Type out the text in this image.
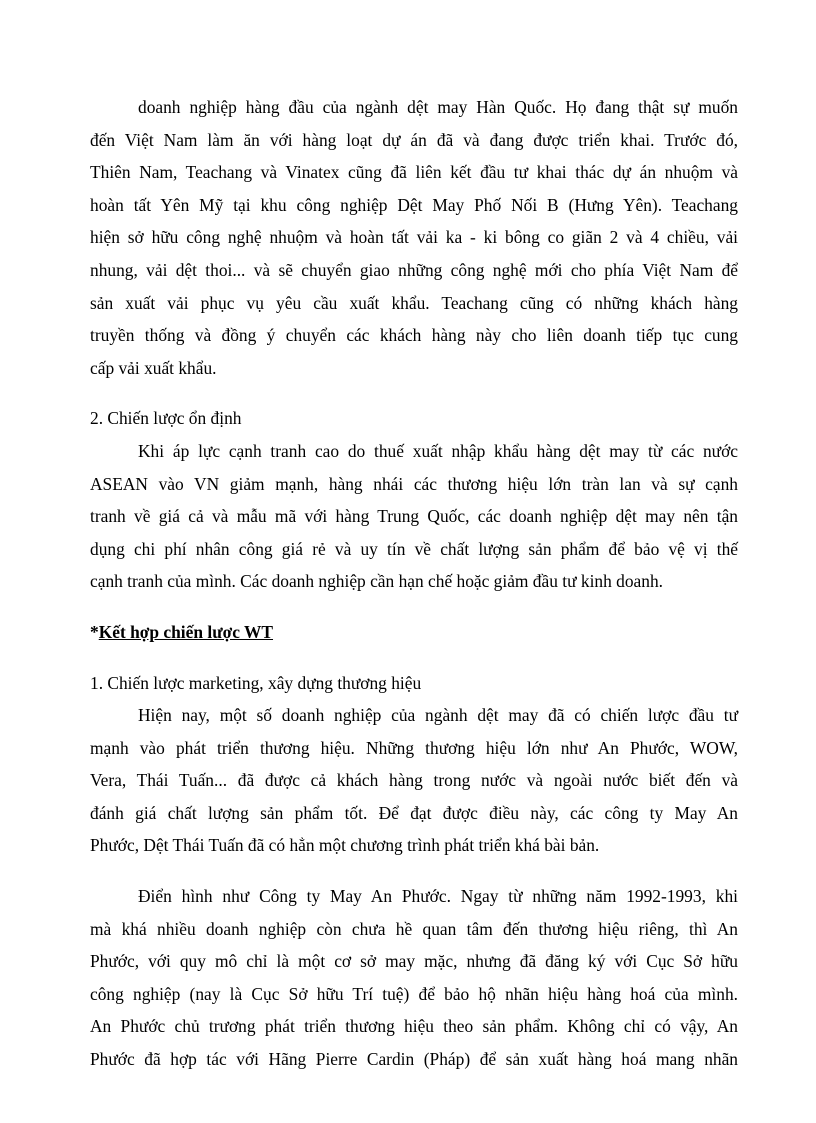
doanh nghiệp hàng đầu của ngành dệt may Hàn Quốc. Họ đang thật sự muốn

đến Việt Nam làm ăn với hàng loạt dự án đã và đang được triển khai. Trước đó,

Thiên Nam, Teachang và Vinatex cũng đã liên kết đầu tư khai thác dự án nhuộm và

hoàn tất Yên Mỹ tại khu công nghiệp Dệt May Phố Nối B (Hưng Yên). Teachang

hiện sở hữu công nghệ nhuộm và hoàn tất vải ka - ki bông co giãn 2 và 4 chiều, vải

nhung, vải dệt thoi... và sẽ chuyển giao những công nghệ mới cho phía Việt Nam để

sản xuất vải phục vụ yêu cầu xuất khẩu. Teachang cũng có những khách hàng

truyền thống và đồng ý chuyển các khách hàng này cho liên doanh tiếp tục cung

cấp vải xuất khẩu.

2. Chiến lược ổn định

Khi áp lực cạnh tranh cao do thuế xuất nhập khẩu hàng dệt may từ các nước

ASEAN vào VN giảm mạnh, hàng nhái các thương hiệu lớn tràn lan và sự cạnh

tranh về giá cả và mẫu mã với hàng Trung Quốc, các doanh nghiệp dệt may nên tận

dụng chi phí nhân công giá rẻ và uy tín về chất lượng sản phẩm để bảo vệ vị thế

cạnh tranh của mình. Các doanh nghiệp cần hạn chế hoặc giảm đầu tư kinh doanh.

*Kết hợp chiến lược WT

1. Chiến lược marketing, xây dựng thương hiệu

Hiện nay, một số doanh nghiệp của ngành dệt may đã có chiến lược đầu tư

mạnh vào phát triển thương hiệu. Những thương hiệu lớn như An Phước, WOW,

Vera, Thái Tuấn... đã được cả khách hàng trong nước và ngoài nước biết đến và

đánh giá chất lượng sản phẩm tốt. Để đạt được điều này, các công ty May An

Phước, Dệt Thái Tuấn đã có hẳn một chương trình phát triển khá bài bản.

Điển hình như Công ty May An Phước. Ngay từ những năm 1992-1993, khi

mà khá nhiều doanh nghiệp còn chưa hề quan tâm đến thương hiệu riêng, thì An

Phước, với quy mô chỉ là một cơ sở may mặc, nhưng đã đăng ký với Cục Sở hữu

công nghiệp (nay là Cục Sở hữu Trí tuệ) để bảo hộ nhãn hiệu hàng hoá của mình.

An Phước chủ trương phát triển thương hiệu theo sản phẩm. Không chỉ có vậy, An

Phước đã hợp tác với Hãng Pierre Cardin (Pháp) để sản xuất hàng hoá mang nhãn
